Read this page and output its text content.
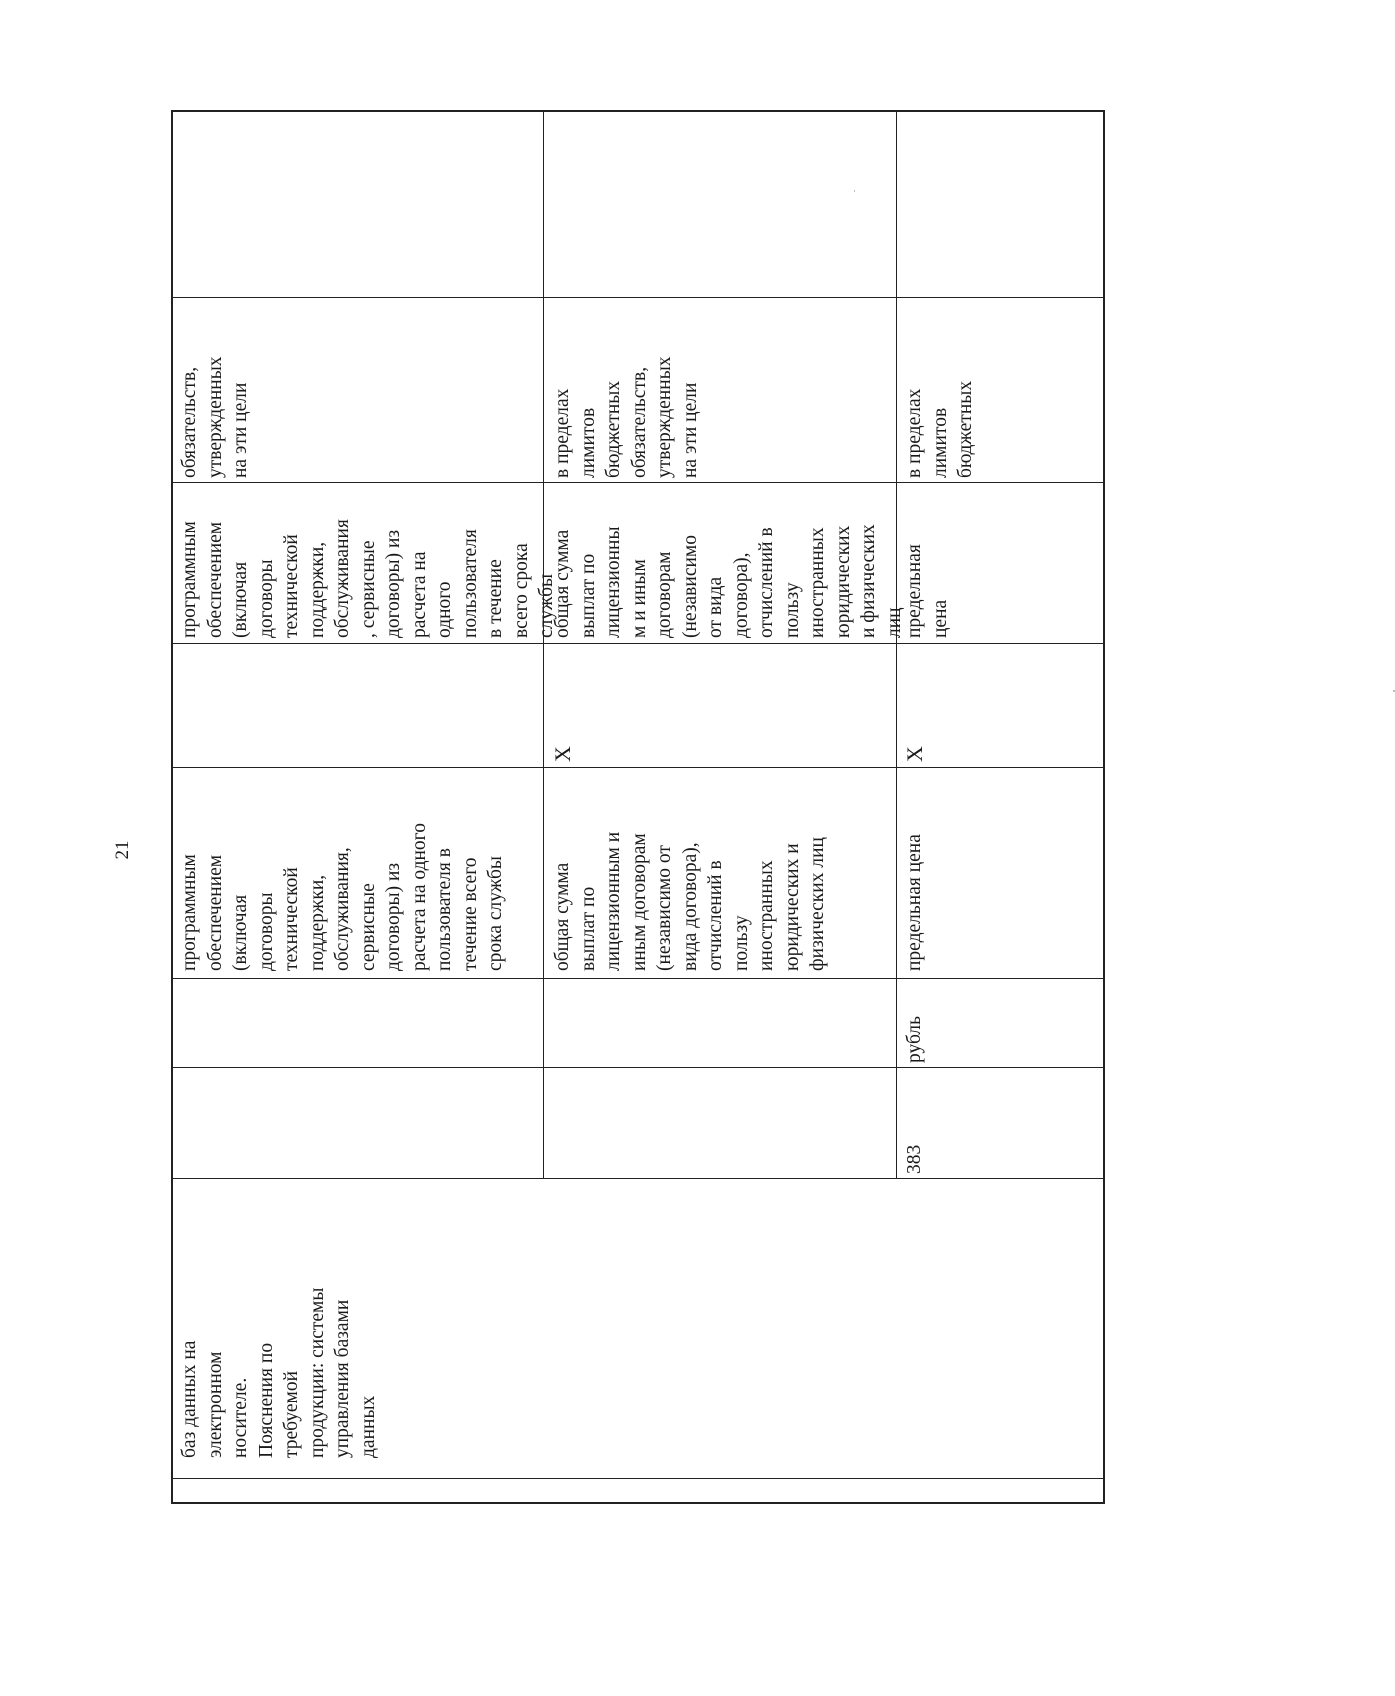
21
баз данных на
электронном
носителе.
Пояснения по
требуемой
продукции: системы
управления базами
данных
программным
обеспечением
(включая
договоры
технической
поддержки,
обслуживания,
сервисные
договоры) из
расчета на одного
пользователя в
течение всего
срока службы
программным
обеспечением
(включая
договоры
технической
поддержки,
обслуживания
, сервисные
договоры) из
расчета на
одного
пользователя
в течение
всего срока
службы
обязательств,
утвержденных
на эти цели
общая сумма
выплат по
лицензионным и
иным договорам
(независимо от
вида договора),
отчислений в
пользу
иностранных
юридических и
физических лиц
X
общая сумма
выплат по
лицензионны
м и иным
договорам
(независимо
от вида
договора),
отчислений в
пользу
иностранных
юридических
и физических
лиц
в пределах
лимитов
бюджетных
обязательств,
утвержденных
на эти цели
383
рубль
предельная цена
X
предельная
цена
в пределах
лимитов
бюджетных
